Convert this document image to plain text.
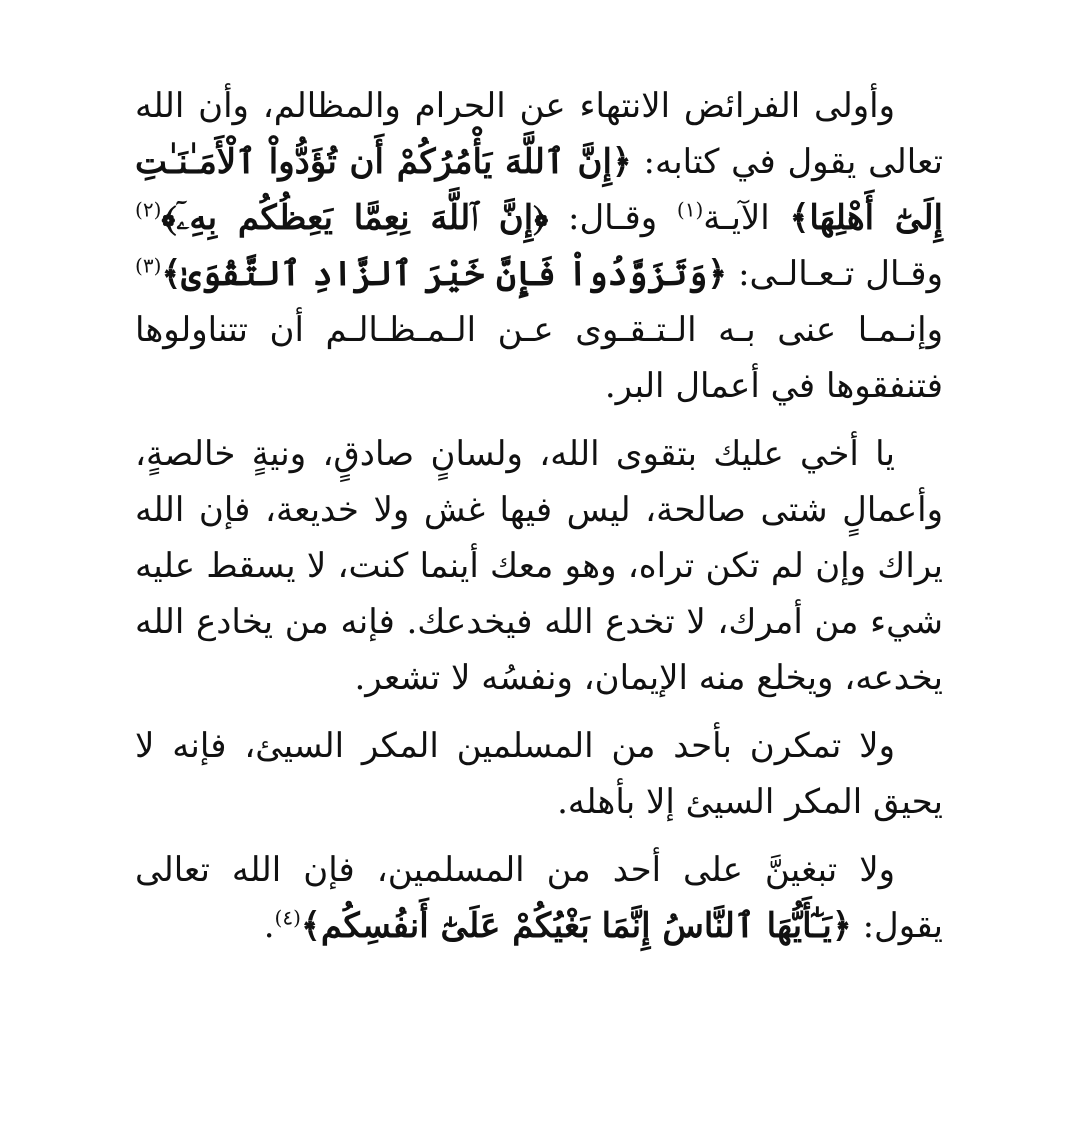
وأولى الفرائض الانتهاء عن الحرام والمظالم، وأن الله تعالى يقول في كتابه: ﴿إِنَّ ٱللَّهَ يَأْمُرُكُمْ أَن تُؤَدُّواْ ٱلْأَمَـٰنَـٰتِ إِلَىٰٓ أَهْلِهَا﴾ الآيـة$^{(١)}$ وقـال: ﴿إِنَّ ٱللَّهَ نِعِمَّا يَعِظُكُم بِهِۦٓ﴾$^{(٢)}$ وقـال تـعـالـى: ﴿وَتَزَوَّدُواْ فَإِنَّ خَيْرَ ٱلزَّادِ ٱلتَّقْوَىٰ﴾$^{(٣)}$ وإنـمـا عنى بـه الـتـقـوى عـن الـمـظـالـم أن تتناولوها فتنفقوها في أعمال البر.

يا أخي عليك بتقوى الله، ولسانٍ صادقٍ، ونيةٍ خالصةٍ، وأعمالٍ شتى صالحة، ليس فيها غش ولا خديعة، فإن الله يراك وإن لم تكن تراه، وهو معك أينما كنت، لا يسقط عليه شيء من أمرك، لا تخدع الله فيخدعك. فإنه من يخادع الله يخدعه، ويخلع منه الإيمان، ونفسُه لا تشعر.

ولا تمكرن بأحد من المسلمين المكر السيئ، فإنه لا يحيق المكر السيئ إلا بأهله.

ولا تبغينَّ على أحد من المسلمين، فإن الله تعالى يقول: ﴿يَـٰٓأَيُّهَا ٱلنَّاسُ إِنَّمَا بَغْيُكُمْ عَلَىٰٓ أَنفُسِكُم﴾$^{(٤)}$.
